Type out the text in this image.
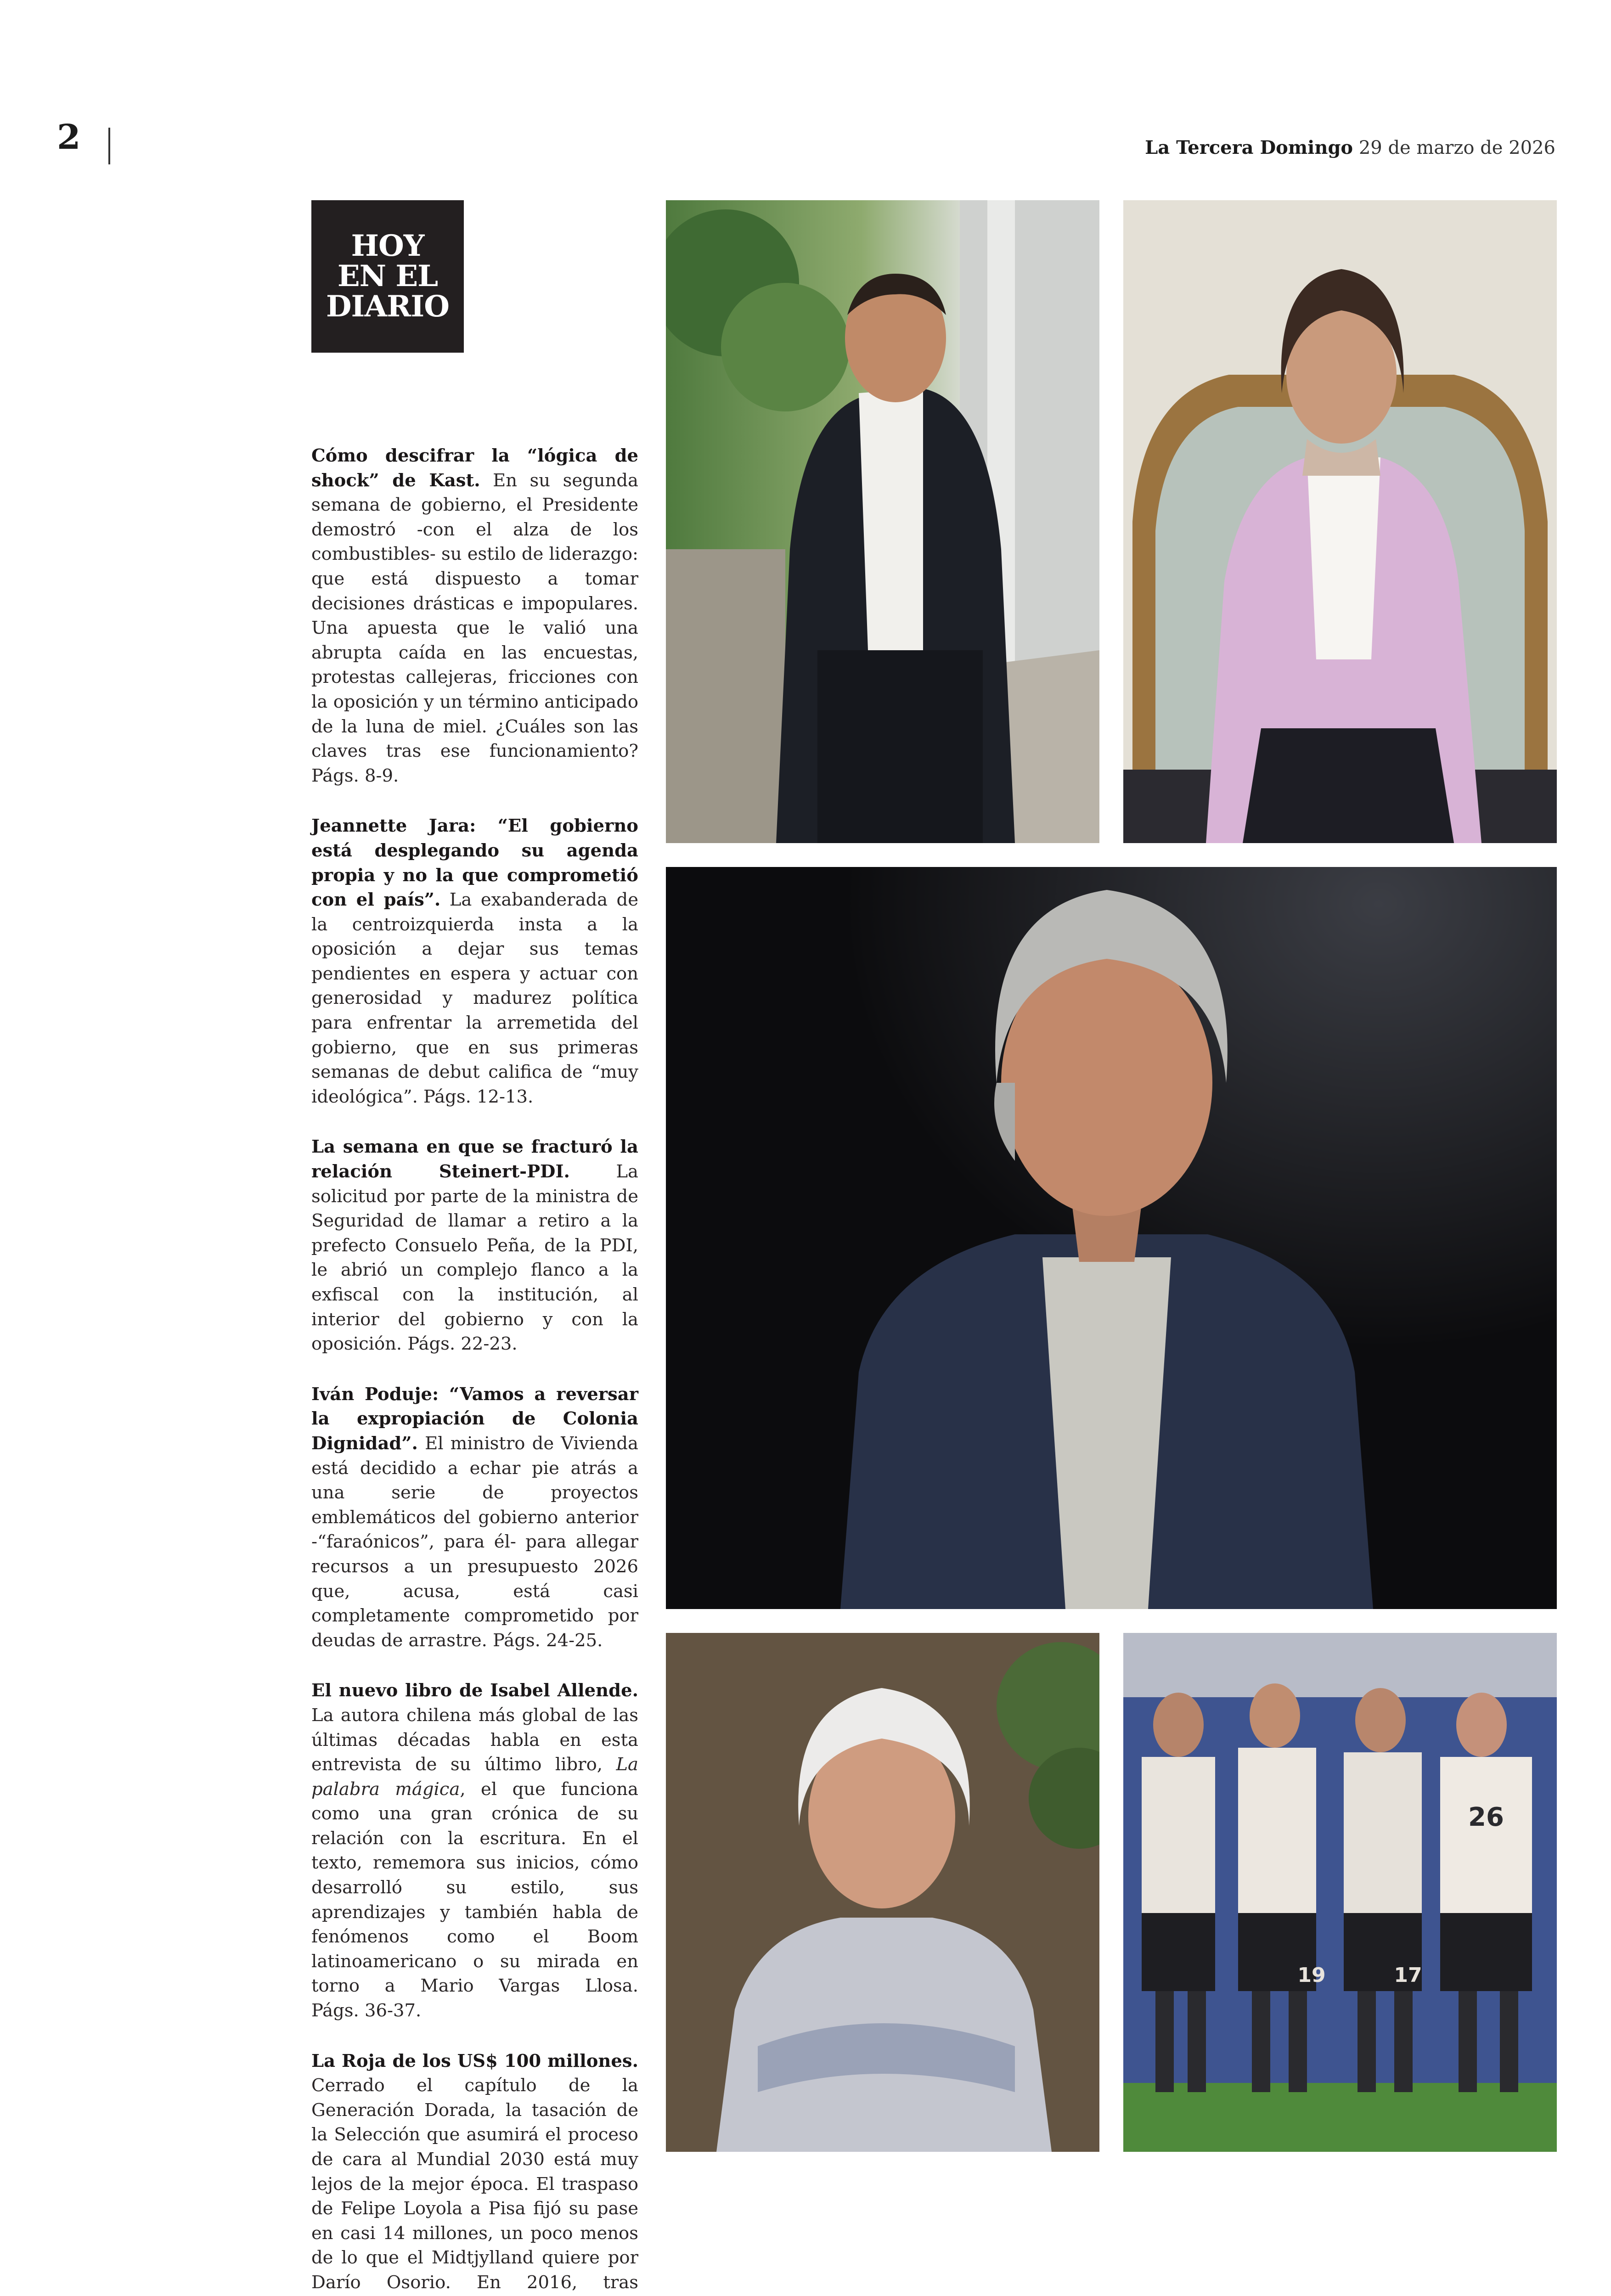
2	La Tercera Domingo 29 de marzo de 2026
HOY
EN EL
DIARIO

Cómo descifrar la “lógica de shock” de Kast. En su segunda semana de gobierno, el Presidente demostró -con el alza de los combustibles- su estilo de liderazgo: que está dispuesto a tomar decisiones drásticas e impopulares. Una apuesta que le valió una abrupta caída en las encuestas, protestas callejeras, fricciones con la oposición y un término anticipado de la luna de miel. ¿Cuáles son las claves tras ese funcionamiento? Págs. 8-9.

Jeannette Jara: “El gobierno está desplegando su agenda propia y no la que comprometió con el país”. La exabanderada de la centroizquierda insta a la oposición a dejar sus temas pendientes en espera y actuar con generosidad y madurez política para enfrentar la arremetida del gobierno, que en sus primeras semanas de debut califica de “muy ideológica”. Págs. 12-13.

La semana en que se fracturó la relación Steinert-PDI. La solicitud por parte de la ministra de Seguridad de llamar a retiro a la prefecto Consuelo Peña, de la PDI, le abrió un complejo flanco a la exfiscal con la institución, al interior del gobierno y con la oposición. Págs. 22-23.

Iván Poduje: “Vamos a reversar la expropiación de Colonia Dignidad”. El ministro de Vivienda está decidido a echar pie atrás a una serie de proyectos emblemáticos del gobierno anterior -“faraónicos”, para él- para allegar recursos a un presupuesto 2026 que, acusa, está casi completamente comprometido por deudas de arrastre. Págs. 24-25.

El nuevo libro de Isabel Allende. La autora chilena más global de las últimas décadas habla en esta entrevista de su último libro, La palabra mágica, el que funciona como una gran crónica de su relación con la escritura. En el texto, rememora sus inicios, cómo desarrolló su estilo, sus aprendizajes y también habla de fenómenos como el Boom latinoamericano o su mirada en torno a Mario Vargas Llosa. Págs. 36-37.

La Roja de los US$ 100 millones. Cerrado el capítulo de la Generación Dorada, la tasación de la Selección que asumirá el proceso de cara al Mundial 2030 está muy lejos de la mejor época. El traspaso de Felipe Loyola a Pisa fijó su pase en casi 14 millones, un poco menos de lo que el Midtjylland quiere por Darío Osorio. En 2016, tras

26
19	17
